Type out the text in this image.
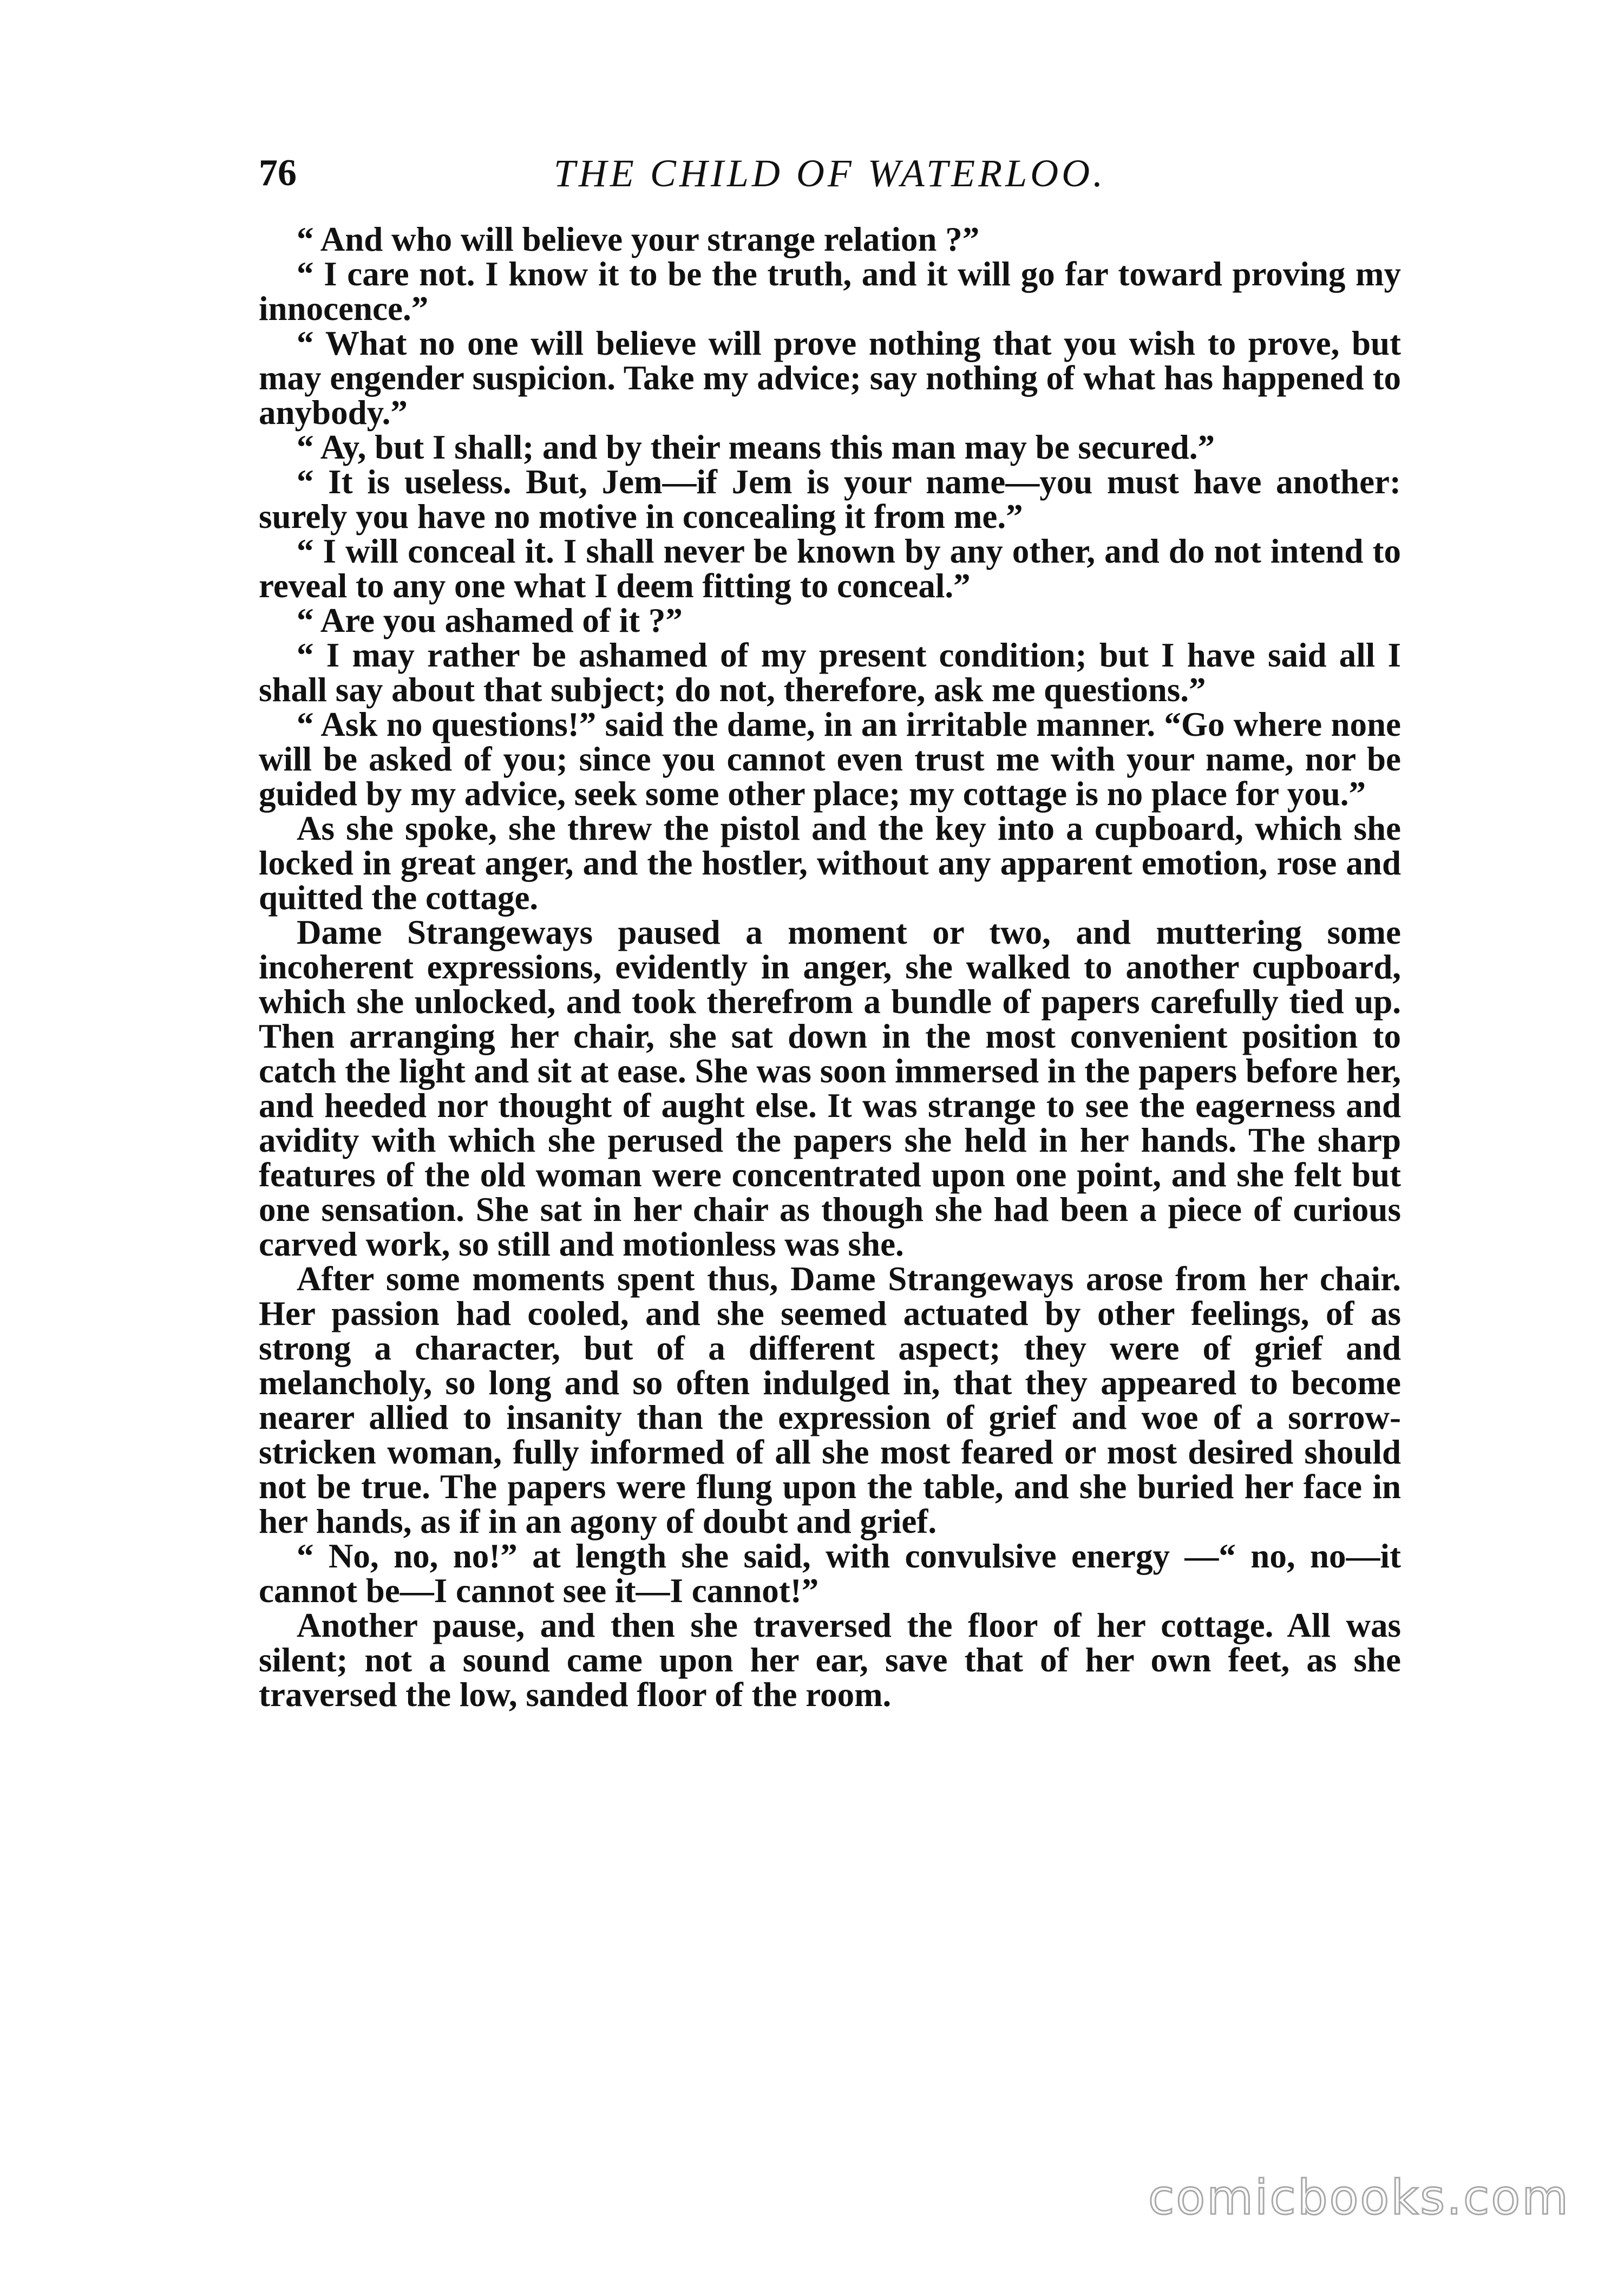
76	THE CHILD OF WATERLOO.

“ And who will believe your strange relation ?”

“ I care not. I know it to be the truth, and it will go far toward proving my innocence.”

“ What no one will believe will prove nothing that you wish to prove, but may engender suspicion. Take my advice; say nothing of what has happened to anybody.”

“ Ay, but I shall; and by their means this man may be secured.”

“ It is useless. But, Jem—if Jem is your name—you must have another: surely you have no motive in concealing it from me.”

“ I will conceal it. I shall never be known by any other, and do not intend to reveal to any one what I deem fitting to conceal.”

“ Are you ashamed of it ?”

“ I may rather be ashamed of my present condition; but I have said all I shall say about that subject; do not, therefore, ask me questions.”

“ Ask no questions!” said the dame, in an irritable manner. “Go where none will be asked of you; since you cannot even trust me with your name, nor be guided by my advice, seek some other place; my cottage is no place for you.”

As she spoke, she threw the pistol and the key into a cupboard, which she locked in great anger, and the hostler, without any apparent emotion, rose and quitted the cottage.

Dame Strangeways paused a moment or two, and muttering some incoherent expressions, evidently in anger, she walked to another cupboard, which she unlocked, and took therefrom a bundle of papers carefully tied up. Then arranging her chair, she sat down in the most convenient position to catch the light and sit at ease. She was soon immersed in the papers before her, and heeded nor thought of aught else. It was strange to see the eagerness and avidity with which she perused the papers she held in her hands. The sharp features of the old woman were concentrated upon one point, and she felt but one sensation. She sat in her chair as though she had been a piece of curious carved work, so still and motionless was she.

After some moments spent thus, Dame Strangeways arose from her chair. Her passion had cooled, and she seemed actuated by other feelings, of as strong a character, but of a different aspect; they were of grief and melancholy, so long and so often indulged in, that they appeared to become nearer allied to insanity than the expression of grief and woe of a sorrow-stricken woman, fully informed of all she most feared or most desired should not be true. The papers were flung upon the table, and she buried her face in her hands, as if in an agony of doubt and grief.

“ No, no, no!” at length she said, with convulsive energy —“ no, no—it cannot be—I cannot see it—I cannot!”

Another pause, and then she traversed the floor of her cottage. All was silent; not a sound came upon her ear, save that of her own feet, as she traversed the low, sanded floor of the room.

comicbooks.com
